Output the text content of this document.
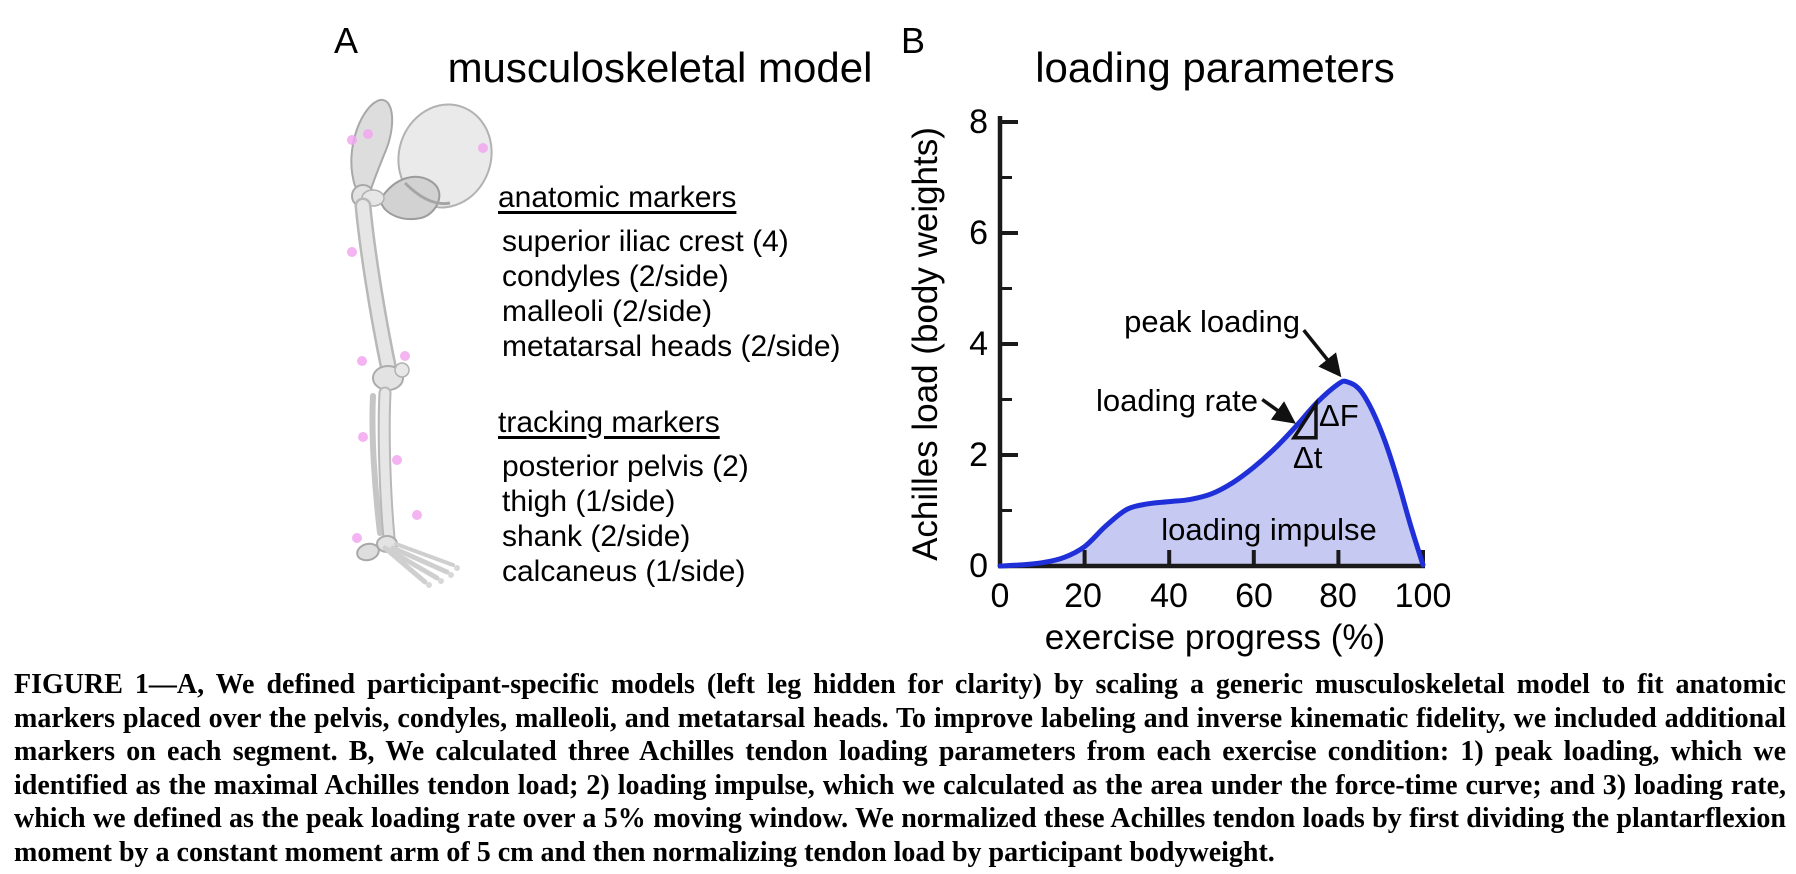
A
musculoskeletal model
anatomic markers
superior iliac crest (4)
condyles (2/side)
malleoli (2/side)
metatarsal heads (2/side)
tracking markers
posterior pelvis (2)
thigh (1/side)
shank (2/side)
calcaneus (1/side)
B
loading parameters
Achilles load (body weights)
8
6
4
2
0
0	20	40	60	80	100
exercise progress (%)
peak loading
loading rate ΔF
Δt
loading impulse
FIGURE 1—A, We defined participant-specific models (left leg hidden for clarity) by scaling a generic musculoskeletal model to fit anatomic markers placed over the pelvis, condyles, malleoli, and metatarsal heads. To improve labeling and inverse kinematic fidelity, we included additional markers on each segment. B, We calculated three Achilles tendon loading parameters from each exercise condition: 1) peak loading, which we identified as the maximal Achilles tendon load; 2) loading impulse, which we calculated as the area under the force-time curve; and 3) loading rate, which we defined as the peak loading rate over a 5% moving window. We normalized these Achilles tendon loads by first dividing the plantarflexion moment by a constant moment arm of 5 cm and then normalizing tendon load by participant bodyweight.
